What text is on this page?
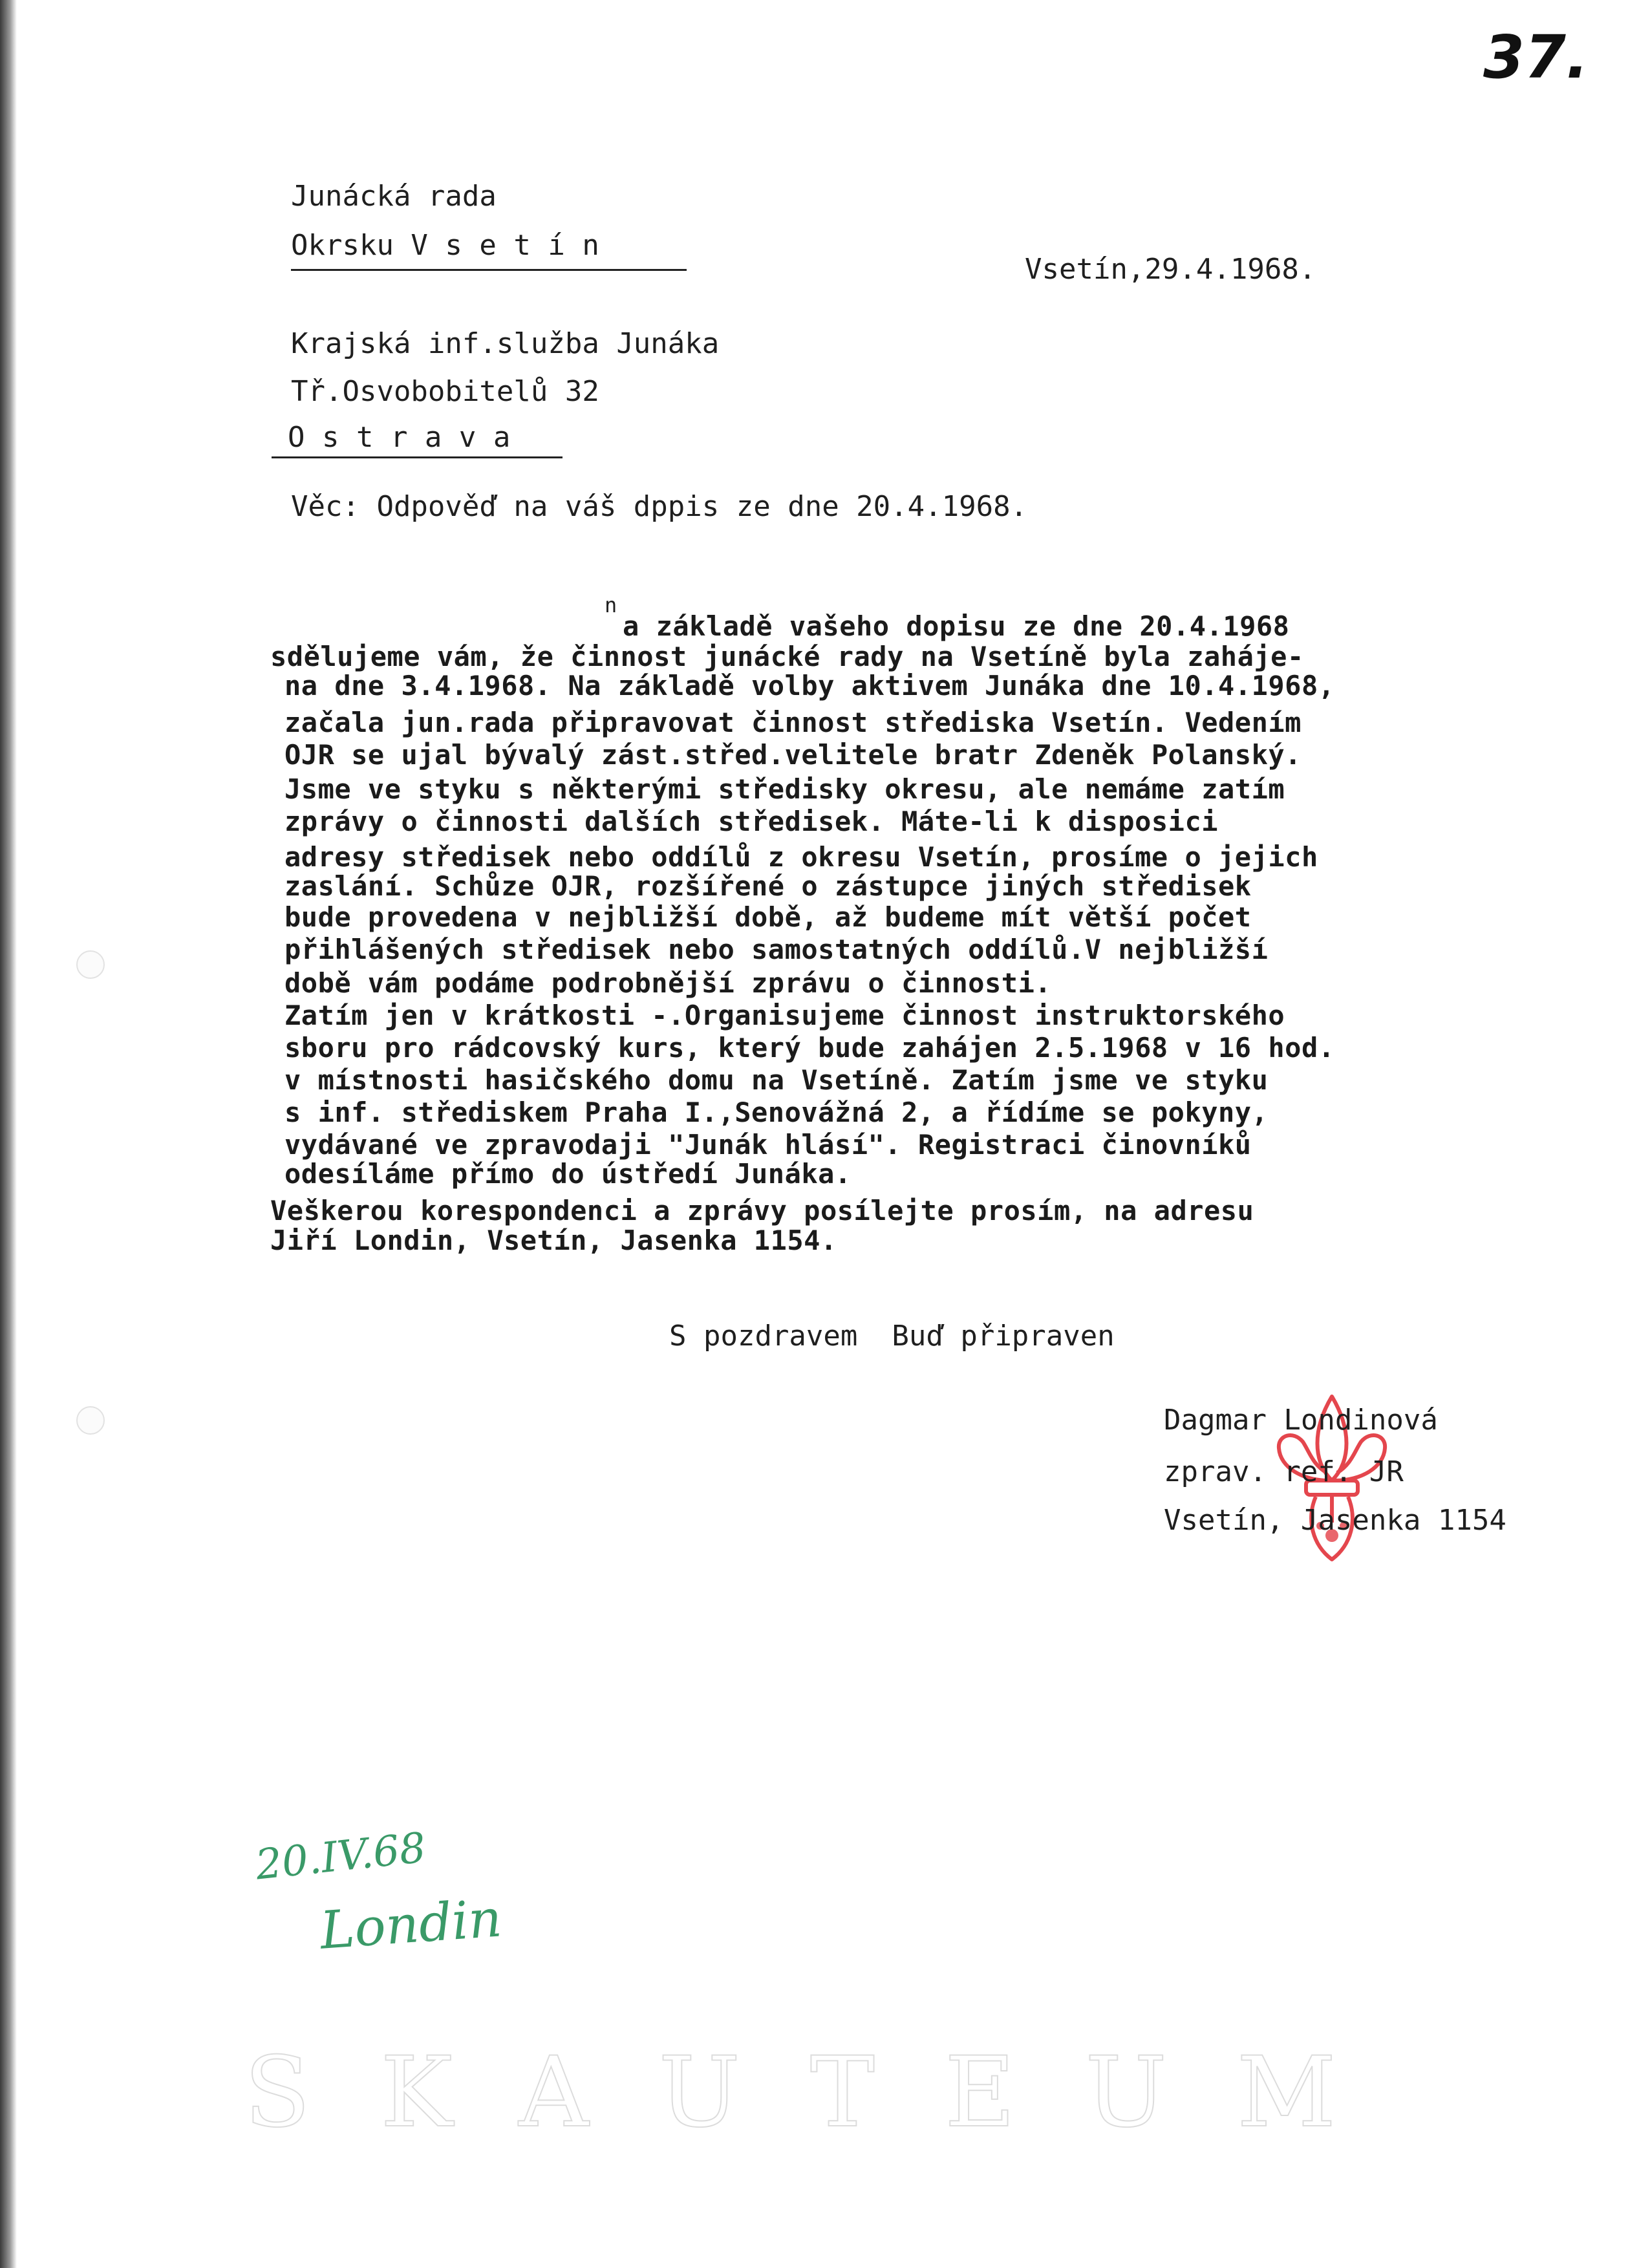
37.
Junácká rada
Okrsku V s e t í n
Vsetín,29.4.1968.
Krajská inf.služba Junáka
Tř.Osvobobitelů 32
O s t r a v a
Věc: Odpověď na váš dppis ze dne 20.4.1968.
n
a základě vašeho dopisu ze dne 20.4.1968
sdělujeme vám, že činnost junácké rady na Vsetíně byla zaháje-
na dne 3.4.1968. Na základě volby aktivem Junáka dne 10.4.1968,
začala jun.rada připravovat činnost střediska Vsetín. Vedením
OJR se ujal bývalý zást.střed.velitele bratr Zdeněk Polanský.
Jsme ve styku s některými středisky okresu, ale nemáme zatím
zprávy o činnosti dalších středisek. Máte-li k disposici
adresy středisek nebo oddílů z okresu Vsetín, prosíme o jejich
zaslání. Schůze OJR, rozšířené o zástupce jiných středisek
bude provedena v nejbližší době, až budeme mít větší počet
přihlášených středisek nebo samostatných oddílů.V nejbližší
době vám podáme podrobnější zprávu o činnosti.
Zatím jen v krátkosti -.Organisujeme činnost instruktorského
sboru pro rádcovský kurs, který bude zahájen 2.5.1968 v 16 hod.
v místnosti hasičského domu na Vsetíně. Zatím jsme ve styku
s inf. střediskem Praha I.,Senovážná 2, a řídíme se pokyny,
vydávané ve zpravodaji "Junák hlásí". Registraci činovníků
odesíláme přímo do ústředí Junáka.
Veškerou korespondenci a zprávy posílejte prosím, na adresu
Jiří Londin, Vsetín, Jasenka 1154.
S pozdravem  Buď připraven
Dagmar Londinová
zprav. ref. JR
Vsetín, Jasenka 1154
20.IV.68
Londin
SKAUTEUM
